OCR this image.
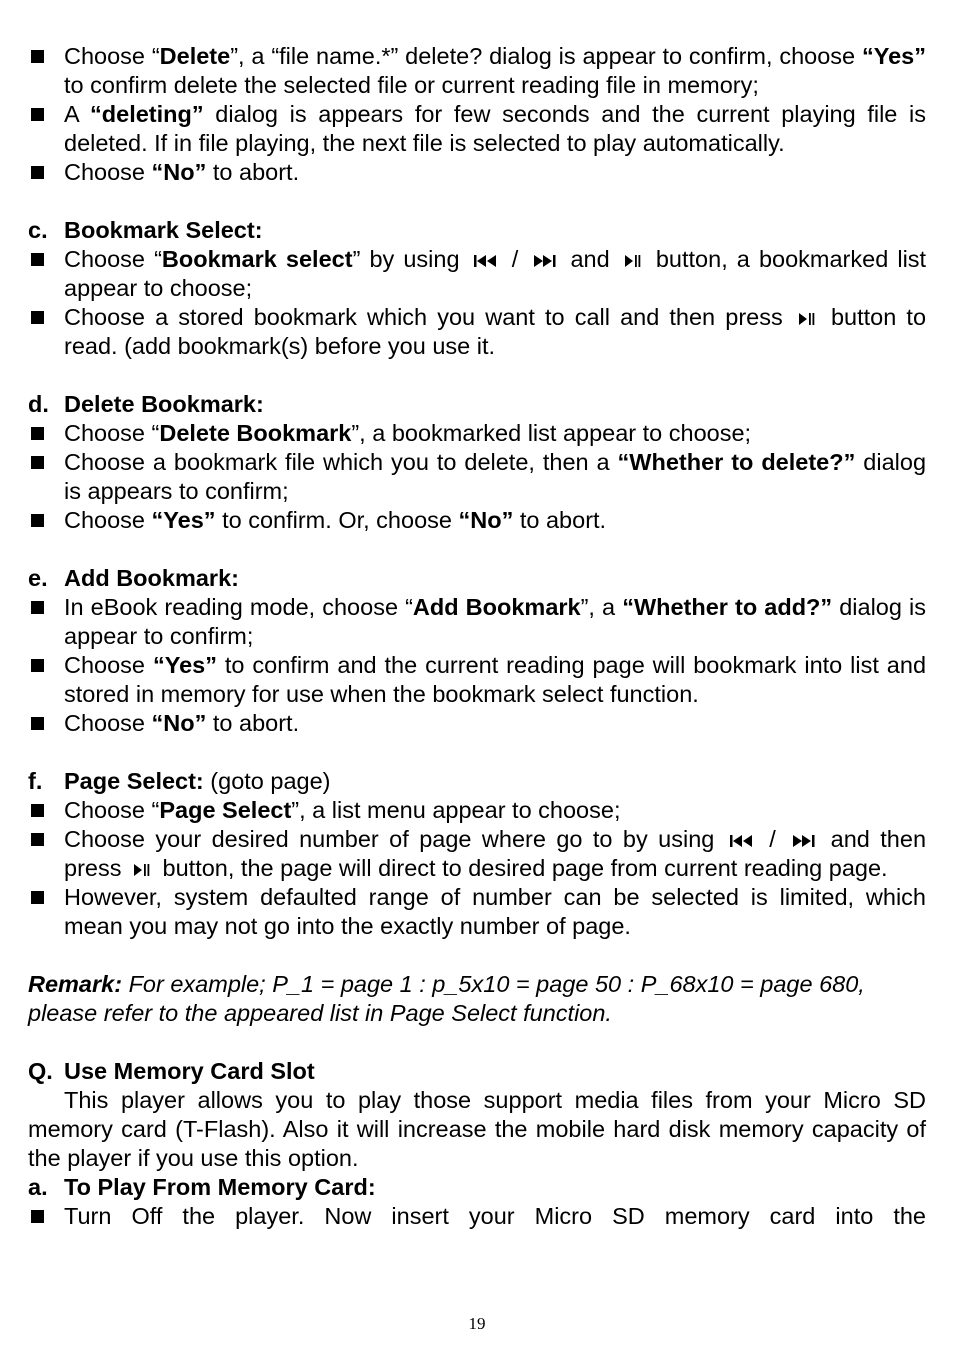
Choose “Delete”, a “file name.*” delete? dialog is appear to confirm, choose “Yes” to confirm delete the selected file or current reading file in memory;
A “deleting” dialog is appears for few seconds and the current playing file is deleted. If in file playing, the next file is selected to play automatically.
Choose “No” to abort.
c. Bookmark Select:
Choose “Bookmark select” by using / and button, a bookmarked list appear to choose;
Choose a stored bookmark which you want to call and then press button to read. (add bookmark(s) before you use it.
d. Delete Bookmark:
Choose “Delete Bookmark”, a bookmarked list appear to choose;
Choose a bookmark file which you to delete, then a “Whether to delete?” dialog is appears to confirm;
Choose “Yes” to confirm. Or, choose “No” to abort.
e. Add Bookmark:
In eBook reading mode, choose “Add Bookmark”, a “Whether to add?” dialog is appear to confirm;
Choose “Yes” to confirm and the current reading page will bookmark into list and stored in memory for use when the bookmark select function.
Choose “No” to abort.
f. Page Select: (goto page)
Choose “Page Select”, a list menu appear to choose;
Choose your desired number of page where go to by using / and then press button, the page will direct to desired page from current reading page.
However, system defaulted range of number can be selected is limited, which mean you may not go into the exactly number of page.
Remark: For example; P_1 = page 1 : p_5x10 = page 50 : P_68x10 = page 680, please refer to the appeared list in Page Select function.
Q. Use Memory Card Slot
This player allows you to play those support media files from your Micro SD memory card (T-Flash). Also it will increase the mobile hard disk memory capacity of the player if you use this option.
a. To Play From Memory Card:
Turn Off the player. Now insert your Micro SD memory card into the
19
